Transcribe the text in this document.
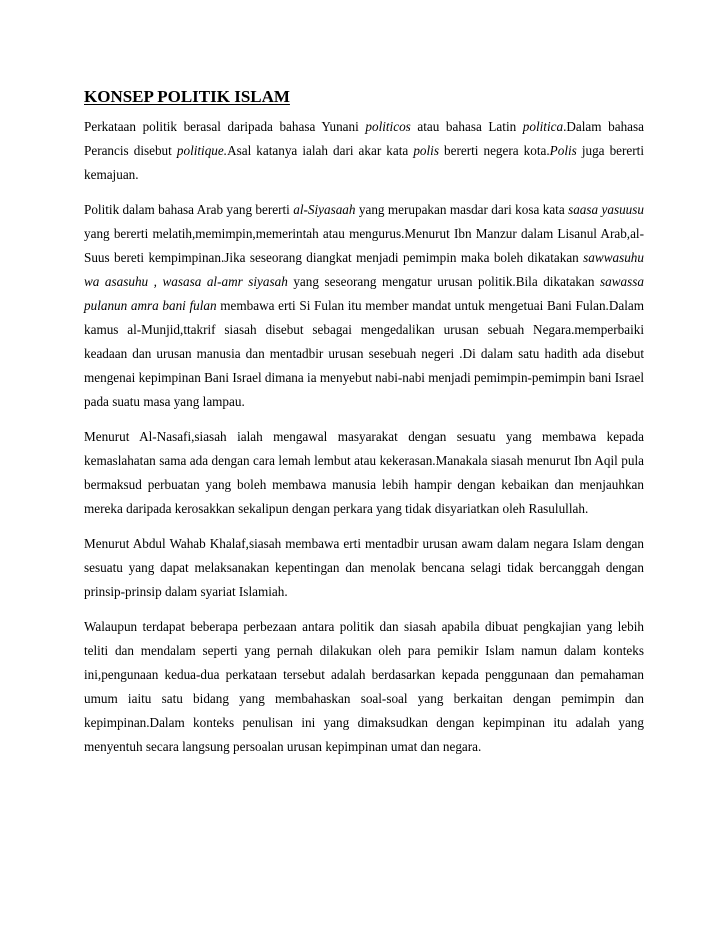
KONSEP POLITIK ISLAM

Perkataan politik berasal daripada bahasa Yunani politicos atau bahasa Latin politica.Dalam bahasa Perancis disebut politique.Asal katanya ialah dari akar kata polis bererti negera kota.Polis juga bererti kemajuan.

Politik dalam bahasa Arab yang bererti al-Siyasaah yang merupakan masdar dari kosa kata saasa yasuusu yang bererti melatih,memimpin,memerintah atau mengurus.Menurut Ibn Manzur dalam Lisanul Arab,al-Suus bereti kempimpinan.Jika seseorang diangkat menjadi pemimpin maka boleh dikatakan sawwasuhu wa asasuhu , wasasa al-amr siyasah yang seseorang mengatur urusan politik.Bila dikatakan sawassa pulanun amra bani fulan membawa erti Si Fulan itu member mandat untuk mengetuai Bani Fulan.Dalam kamus al-Munjid,ttakrif siasah disebut sebagai mengedalikan urusan sebuah Negara.memperbaiki keadaan dan urusan manusia dan mentadbir urusan sesebuah negeri .Di dalam satu hadith ada disebut mengenai kepimpinan Bani Israel dimana ia menyebut nabi-nabi menjadi pemimpin-pemimpin bani Israel pada suatu masa yang lampau.

Menurut Al-Nasafi,siasah ialah mengawal masyarakat dengan sesuatu yang membawa kepada kemaslahatan sama ada dengan cara lemah lembut atau kekerasan.Manakala siasah menurut Ibn Aqil pula bermaksud perbuatan yang boleh membawa manusia lebih hampir dengan kebaikan dan menjauhkan mereka daripada kerosakkan sekalipun dengan perkara yang tidak disyariatkan oleh Rasulullah.

Menurut Abdul Wahab Khalaf,siasah membawa erti mentadbir urusan awam dalam negara Islam dengan sesuatu yang dapat melaksanakan kepentingan dan menolak bencana selagi tidak bercanggah dengan prinsip-prinsip dalam syariat Islamiah.

Walaupun terdapat beberapa perbezaan antara politik dan siasah apabila dibuat pengkajian yang lebih teliti dan mendalam seperti yang pernah dilakukan oleh para pemikir Islam namun dalam konteks ini,pengunaan kedua-dua perkataan tersebut adalah berdasarkan kepada penggunaan dan pemahaman umum iaitu satu bidang yang membahaskan soal-soal yang berkaitan dengan pemimpin dan kepimpinan.Dalam konteks penulisan ini yang dimaksudkan dengan kepimpinan itu adalah yang menyentuh secara langsung persoalan urusan kepimpinan umat dan negara.
